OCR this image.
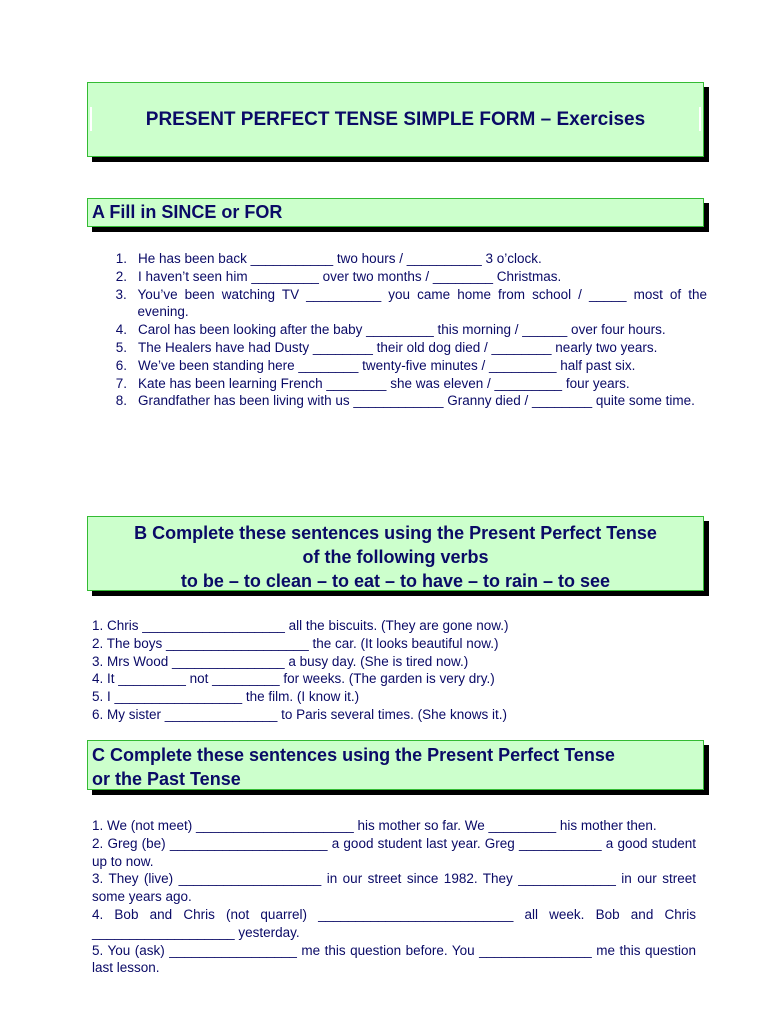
PRESENT PERFECT TENSE SIMPLE FORM – Exercises
A Fill in SINCE or FOR
1. He has been back ___________ two hours / __________ 3 o’clock.
2. I haven’t seen him _________ over two months / ________ Christmas.
3. You’ve been watching TV __________ you came home from school / _____ most of the evening.
4. Carol has been looking after the baby _________ this morning / ______ over four hours.
5. The Healers have had Dusty ________ their old dog died / ________ nearly two years.
6. We’ve been standing here ________ twenty-five minutes / _________ half past six.
7. Kate has been learning French ________ she was eleven / _________ four years.
8. Grandfather has been living with us ____________ Granny died / ________ quite some time.
B Complete these sentences using the Present Perfect Tense
of the following verbs
to be – to clean – to eat – to have – to rain – to see
1. Chris ___________________ all the biscuits. (They are gone now.)
2. The boys ___________________ the car. (It looks beautiful now.)
3. Mrs Wood _______________ a busy day. (She is tired now.)
4. It _________ not _________ for weeks. (The garden is very dry.)
5. I _________________ the film. (I know it.)
6. My sister _______________ to Paris several times. (She knows it.)
C Complete these sentences using the Present Perfect Tense
or the Past Tense
1. We (not meet) _____________________ his mother so far. We _________ his mother then.
2. Greg (be) _____________________ a good student last year. Greg ___________ a good student up to now.
3. They (live) ___________________ in our street since 1982. They _____________ in our street some years ago.
4. Bob and Chris (not quarrel) __________________________ all week. Bob and Chris ___________________ yesterday.
5. You (ask) _________________ me this question before. You _______________ me this question last lesson.
